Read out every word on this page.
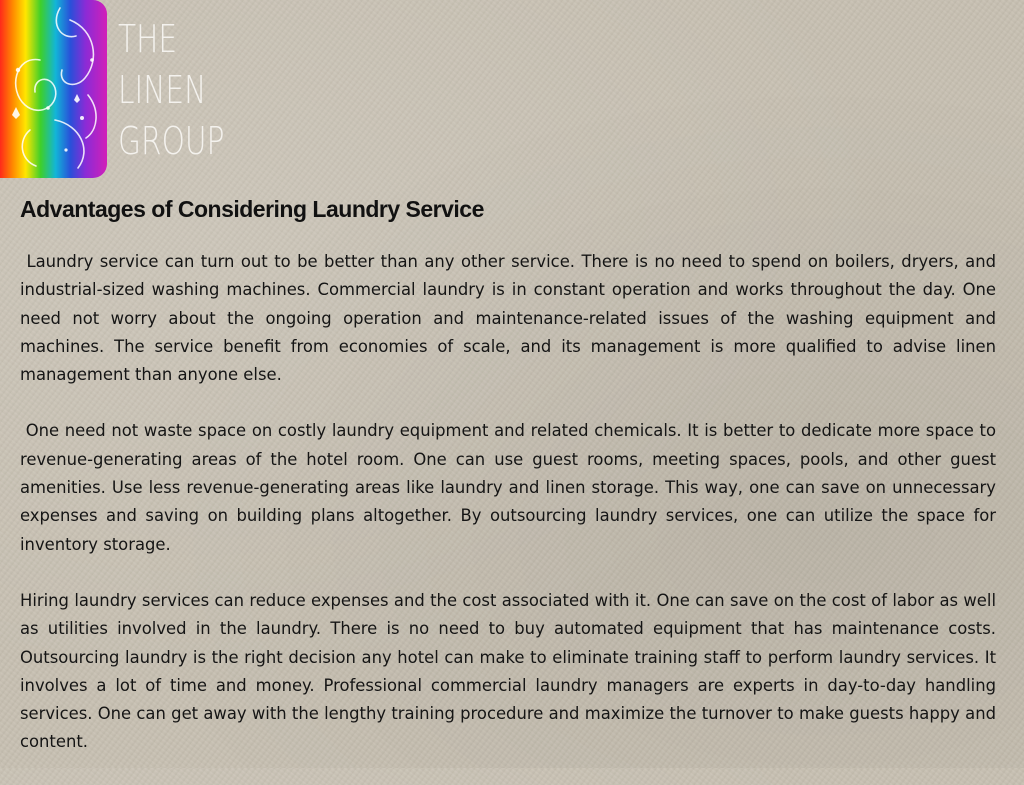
THE
LINEN
GROUP
Advantages of Considering Laundry Service

Laundry service can turn out to be better than any other service. There is no need to spend on boilers, dryers, and industrial-sized washing machines. Commercial laundry is in constant operation and works throughout the day. One need not worry about the ongoing operation and maintenance-related issues of the washing equipment and machines. The service benefit from economies of scale, and its management is more qualified to advise linen management than anyone else.

One need not waste space on costly laundry equipment and related chemicals. It is better to dedicate more space to revenue-generating areas of the hotel room. One can use guest rooms, meeting spaces, pools, and other guest amenities. Use less revenue-generating areas like laundry and linen storage. This way, one can save on unnecessary expenses and saving on building plans altogether. By outsourcing laundry services, one can utilize the space for inventory storage.

Hiring laundry services can reduce expenses and the cost associated with it. One can save on the cost of labor as well as utilities involved in the laundry. There is no need to buy automated equipment that has maintenance costs. Outsourcing laundry is the right decision any hotel can make to eliminate training staff to perform laundry services. It involves a lot of time and money. Professional commercial laundry managers are experts in day-to-day handling services. One can get away with the lengthy training procedure and maximize the turnover to make guests happy and content.
